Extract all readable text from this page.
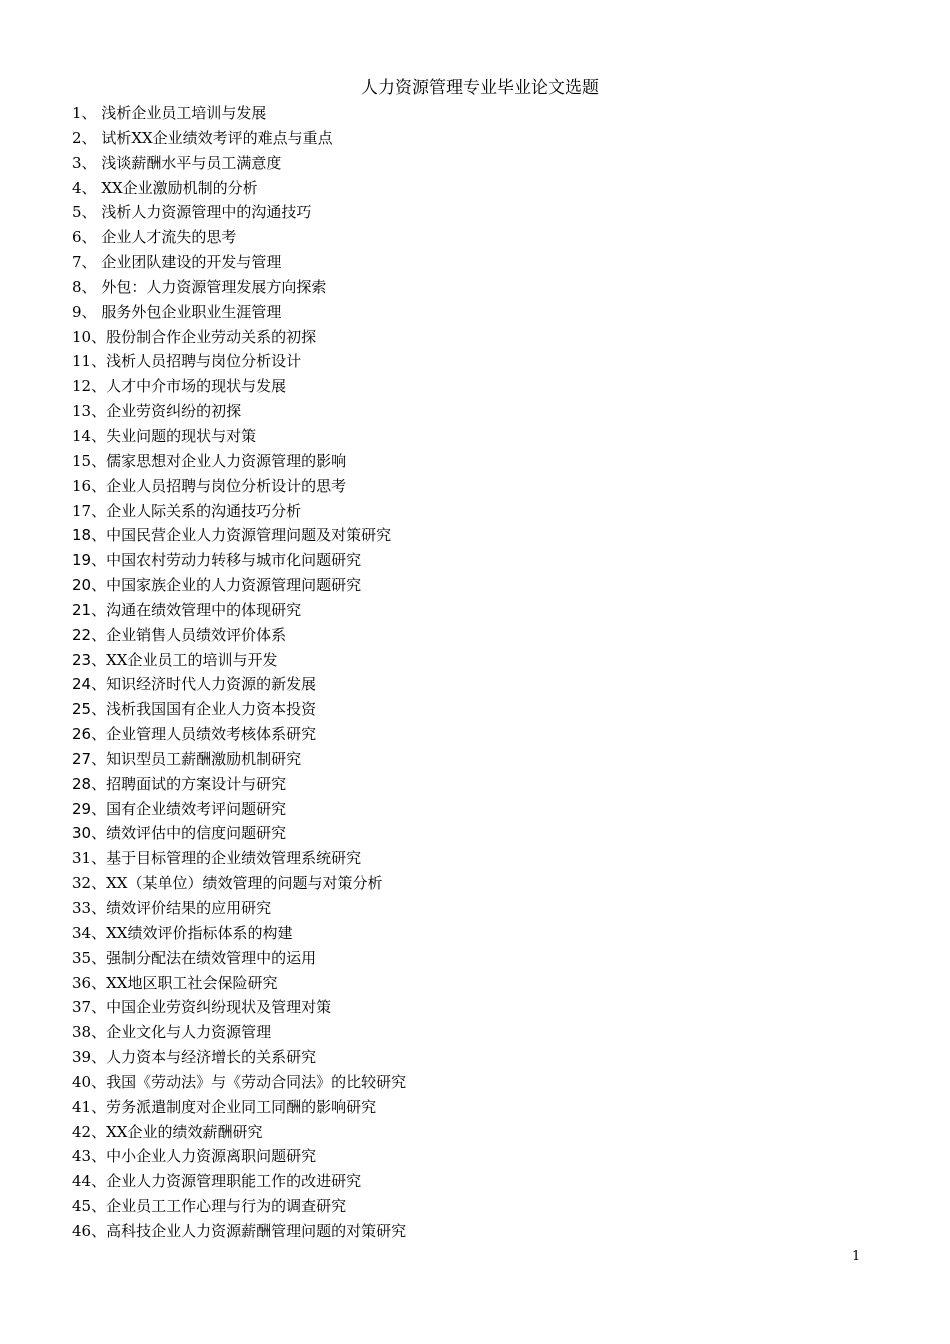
人力资源管理专业毕业论文选题
1、 浅析企业员工培训与发展
2、 试析XX企业绩效考评的难点与重点
3、 浅谈薪酬水平与员工满意度
4、 XX企业激励机制的分析
5、 浅析人力资源管理中的沟通技巧
6、 企业人才流失的思考
7、 企业团队建设的开发与管理
8、 外包：人力资源管理发展方向探索
9、 服务外包企业职业生涯管理
10、股份制合作企业劳动关系的初探
11、浅析人员招聘与岗位分析设计
12、人才中介市场的现状与发展
13、企业劳资纠纷的初探
14、失业问题的现状与对策
15、儒家思想对企业人力资源管理的影响
16、企业人员招聘与岗位分析设计的思考
17、企业人际关系的沟通技巧分析
18、中国民营企业人力资源管理问题及对策研究
19、中国农村劳动力转移与城市化问题研究
20、中国家族企业的人力资源管理问题研究
21、沟通在绩效管理中的体现研究
22、企业销售人员绩效评价体系
23、XX企业员工的培训与开发
24、知识经济时代人力资源的新发展
25、浅析我国国有企业人力资本投资
26、企业管理人员绩效考核体系研究
27、知识型员工薪酬激励机制研究
28、招聘面试的方案设计与研究
29、国有企业绩效考评问题研究
30、绩效评估中的信度问题研究
31、基于目标管理的企业绩效管理系统研究
32、XX（某单位）绩效管理的问题与对策分析
33、绩效评价结果的应用研究
34、XX绩效评价指标体系的构建
35、强制分配法在绩效管理中的运用
36、XX地区职工社会保险研究
37、中国企业劳资纠纷现状及管理对策
38、企业文化与人力资源管理
39、人力资本与经济增长的关系研究
40、我国《劳动法》与《劳动合同法》的比较研究
41、劳务派遣制度对企业同工同酬的影响研究
42、XX企业的绩效薪酬研究
43、中小企业人力资源离职问题研究
44、企业人力资源管理职能工作的改进研究
45、企业员工工作心理与行为的调查研究
46、高科技企业人力资源薪酬管理问题的对策研究
1
